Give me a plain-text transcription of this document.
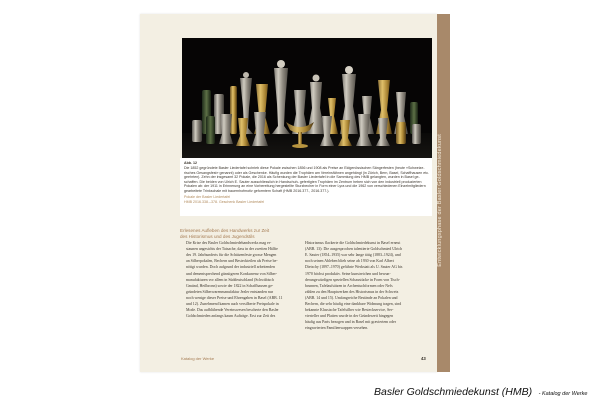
Entwicklungsphase der Basler Goldschmiedekunst
Abb. 12
Die 1852 gegründete Basler Liedertafel schrieb diese Pokale zwischen 1856 und 1908 als Preise an Eidgenössischen Sängerfesten (heute «Schweize-
risches Gesangsfest» genannt) oder als Geschenke. Häufig wurden die Trophäen am Vereinsfähnen angehängt (in Zürich, Bern, Basel, Schaffhausen etc.
geehrten). Zehn der insgesamt 32 Pokale, die 2016 als Schenkung der Basler Liedertafel in die Sammlung des HMB gelangten, wurden in Basel ge-
schaffen. Die beiden von Ulrich E. Sauter ausschliesslich in Handschuh- gefertigten Trophäen im Zentrum heben sich von den industriell produzierten
Pokalen ab: der 1911 in Erinnerung an eine Vorbereitung hergestellte Sturzbecher in Form einer Lyra und die 1962 von verschiedenen Einzelmitgliedern
gearbeitete Trinkschale mit bauernhofmotiv geformtem Schaft (HMB 2016.377., 2016.377.).
Pokale der Basler Liedertafel
HMB 2016.338.–378. Geschenk Basler Liedertafel
Erlesenes Aufleben des Handwerks zur Zeit
des Historismus und des Jugendstils
Die Krise des Basler Goldschmiedehandwerks mag er-
staunen angesichts der Tatsache, dass in der zweiten Hälfte
des 19. Jahrhunderts für die Schützenfeste grosse Mengen
an Silberpokalen, Bechern und Besteckteilen als Preise be-
nötigt wurden. Doch aufgrund der industriell arbeitenden
und dementsprechend günstigeren Konkurrenz von Silber-
manufakturen vor allem in Süddeutschland (Schwäbisch
Gmünd, Heilbronn) sowie der 1822 in Schaffhausen ge-
gründeten Silberwarenmanufaktur Jezler entstanden nur
noch wenige dieser Preise und Ehrengaben in Basel (ABB. 11
und 12). Zunehmend kamen auch versilberte Preispokale in
Mode. Das aufblühende Vereinswesen bescherte den Basler
Goldschmieden anfangs kaum Aufträge. Erst zur Zeit des
Historismus flackerte die Goldschmiedekunst in Basel erneut
(ABB. 13): Die ausgesprochen talentierte Goldschmied Ulrich
E. Sauter (1854–1935) war sehr lange tätig (1883–1924), und
noch seinen Ableben blieb seine ab 1930 von Karl Albert
Dietschy (1897–1970) geführte Werkstatt als U. Sauter AG bis
1970 höchst produktiv. Seine kunstreichen und bewun-
derungswürdigen speziellen Schaustücke in Form von Tisch-
brunnen, Tafelaufsätzen in Archentuchformen oder Nefs
zählen zu den Hauptwerken des Historismus in der Schweiz
(ABB. 14 und 15). Umfangreiche Bestände an Pokalen und
Bechern, die sehr häufig eine dankbare Widmung tragen, sind
bekannte Klassische Tafelsilber wie Besteckservice, Ser-
vierteller und Platten wurde in der Gründerzeit hingegen
häufig aus Paris bezogen und in Basel mit graviertem oder
eingravierten Familienwappen versehen.
Katalog der Werke	43
Basler Goldschmiedekunst (HMB) - Katalog der Werke
